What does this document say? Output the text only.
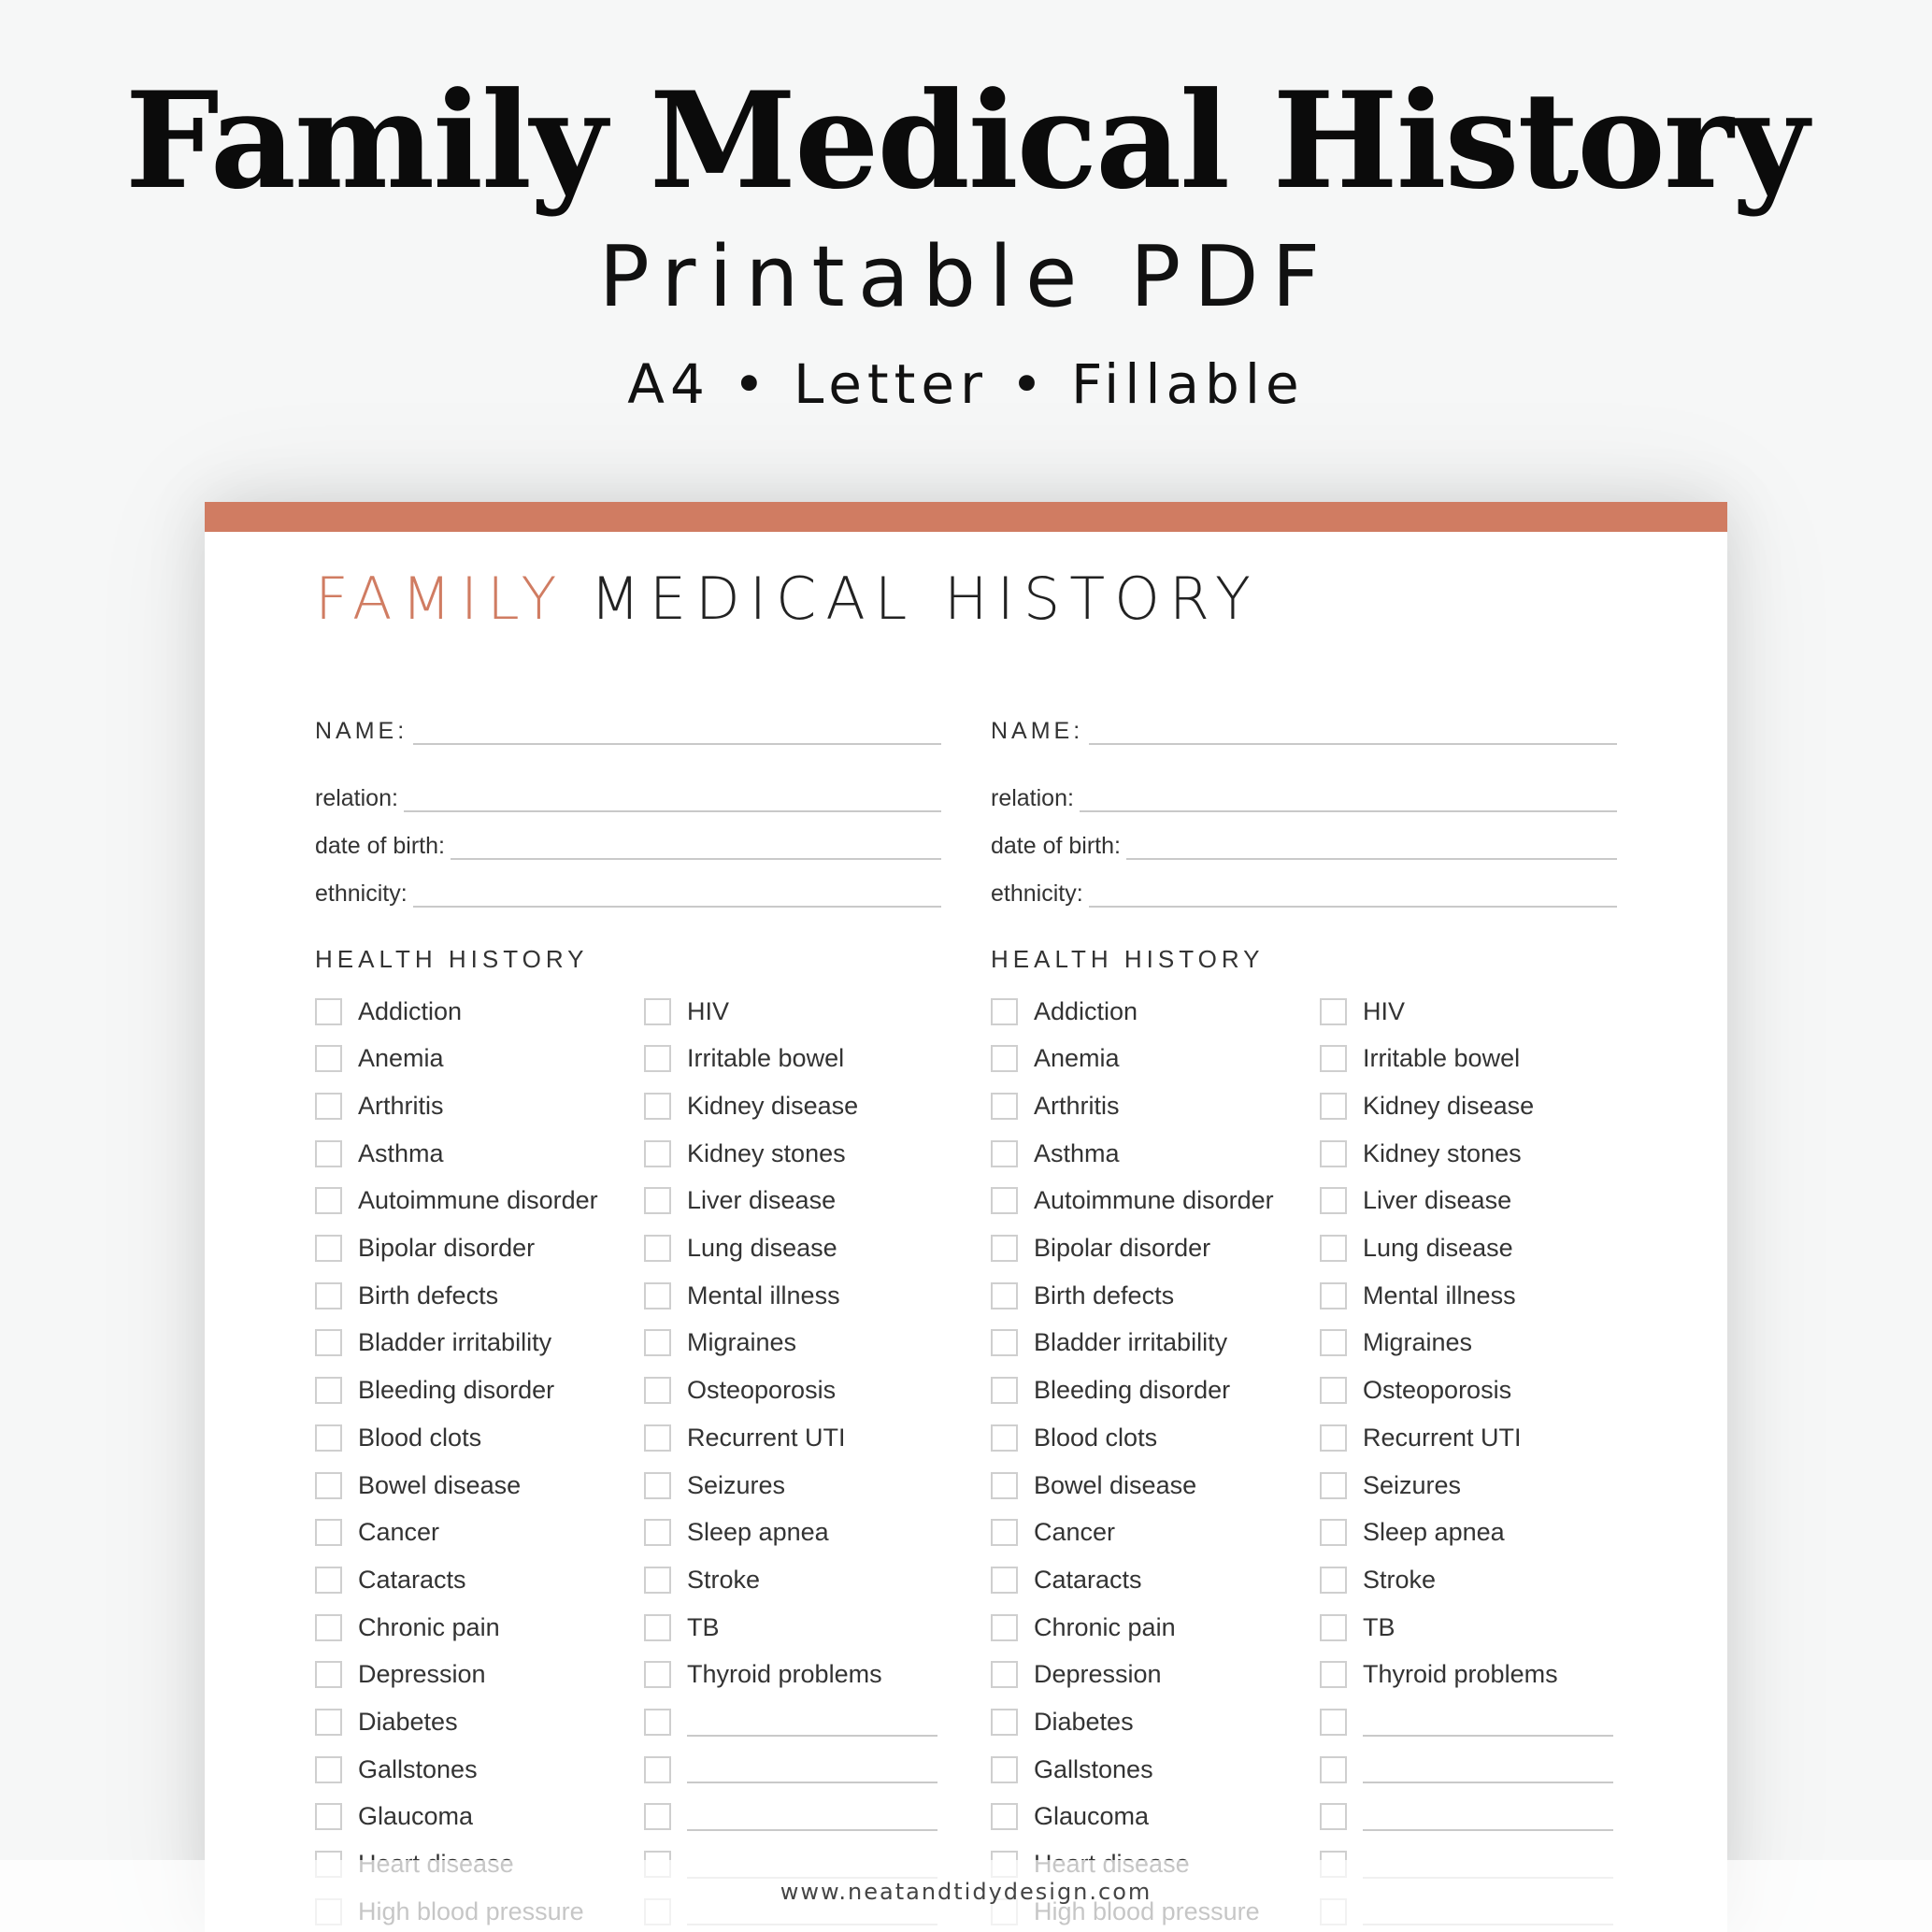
Family Medical History
Printable PDF
A4 • Letter • Fillable
FAMILY MEDICAL HISTORY
NAME:
relation:
date of birth:
ethnicity:
HEALTH HISTORY
Addiction
Anemia
Arthritis
Asthma
Autoimmune disorder
Bipolar disorder
Birth defects
Bladder irritability
Bleeding disorder
Blood clots
Bowel disease
Cancer
Cataracts
Chronic pain
Depression
Diabetes
Gallstones
Glaucoma
HIV
Irritable bowel
Kidney disease
Kidney stones
Liver disease
Lung disease
Mental illness
Migraines
Osteoporosis
Recurrent UTI
Seizures
Sleep apnea
Stroke
TB
Thyroid problems
NAME:
relation:
date of birth:
ethnicity:
HEALTH HISTORY
Addiction
Anemia
Arthritis
Asthma
Autoimmune disorder
Bipolar disorder
Birth defects
Bladder irritability
Bleeding disorder
Blood clots
Bowel disease
Cancer
Cataracts
Chronic pain
Depression
Diabetes
Gallstones
Glaucoma
HIV
Irritable bowel
Kidney disease
Kidney stones
Liver disease
Lung disease
Mental illness
Migraines
Osteoporosis
Recurrent UTI
Seizures
Sleep apnea
Stroke
TB
Thyroid problems
www.neatandtidydesign.com
